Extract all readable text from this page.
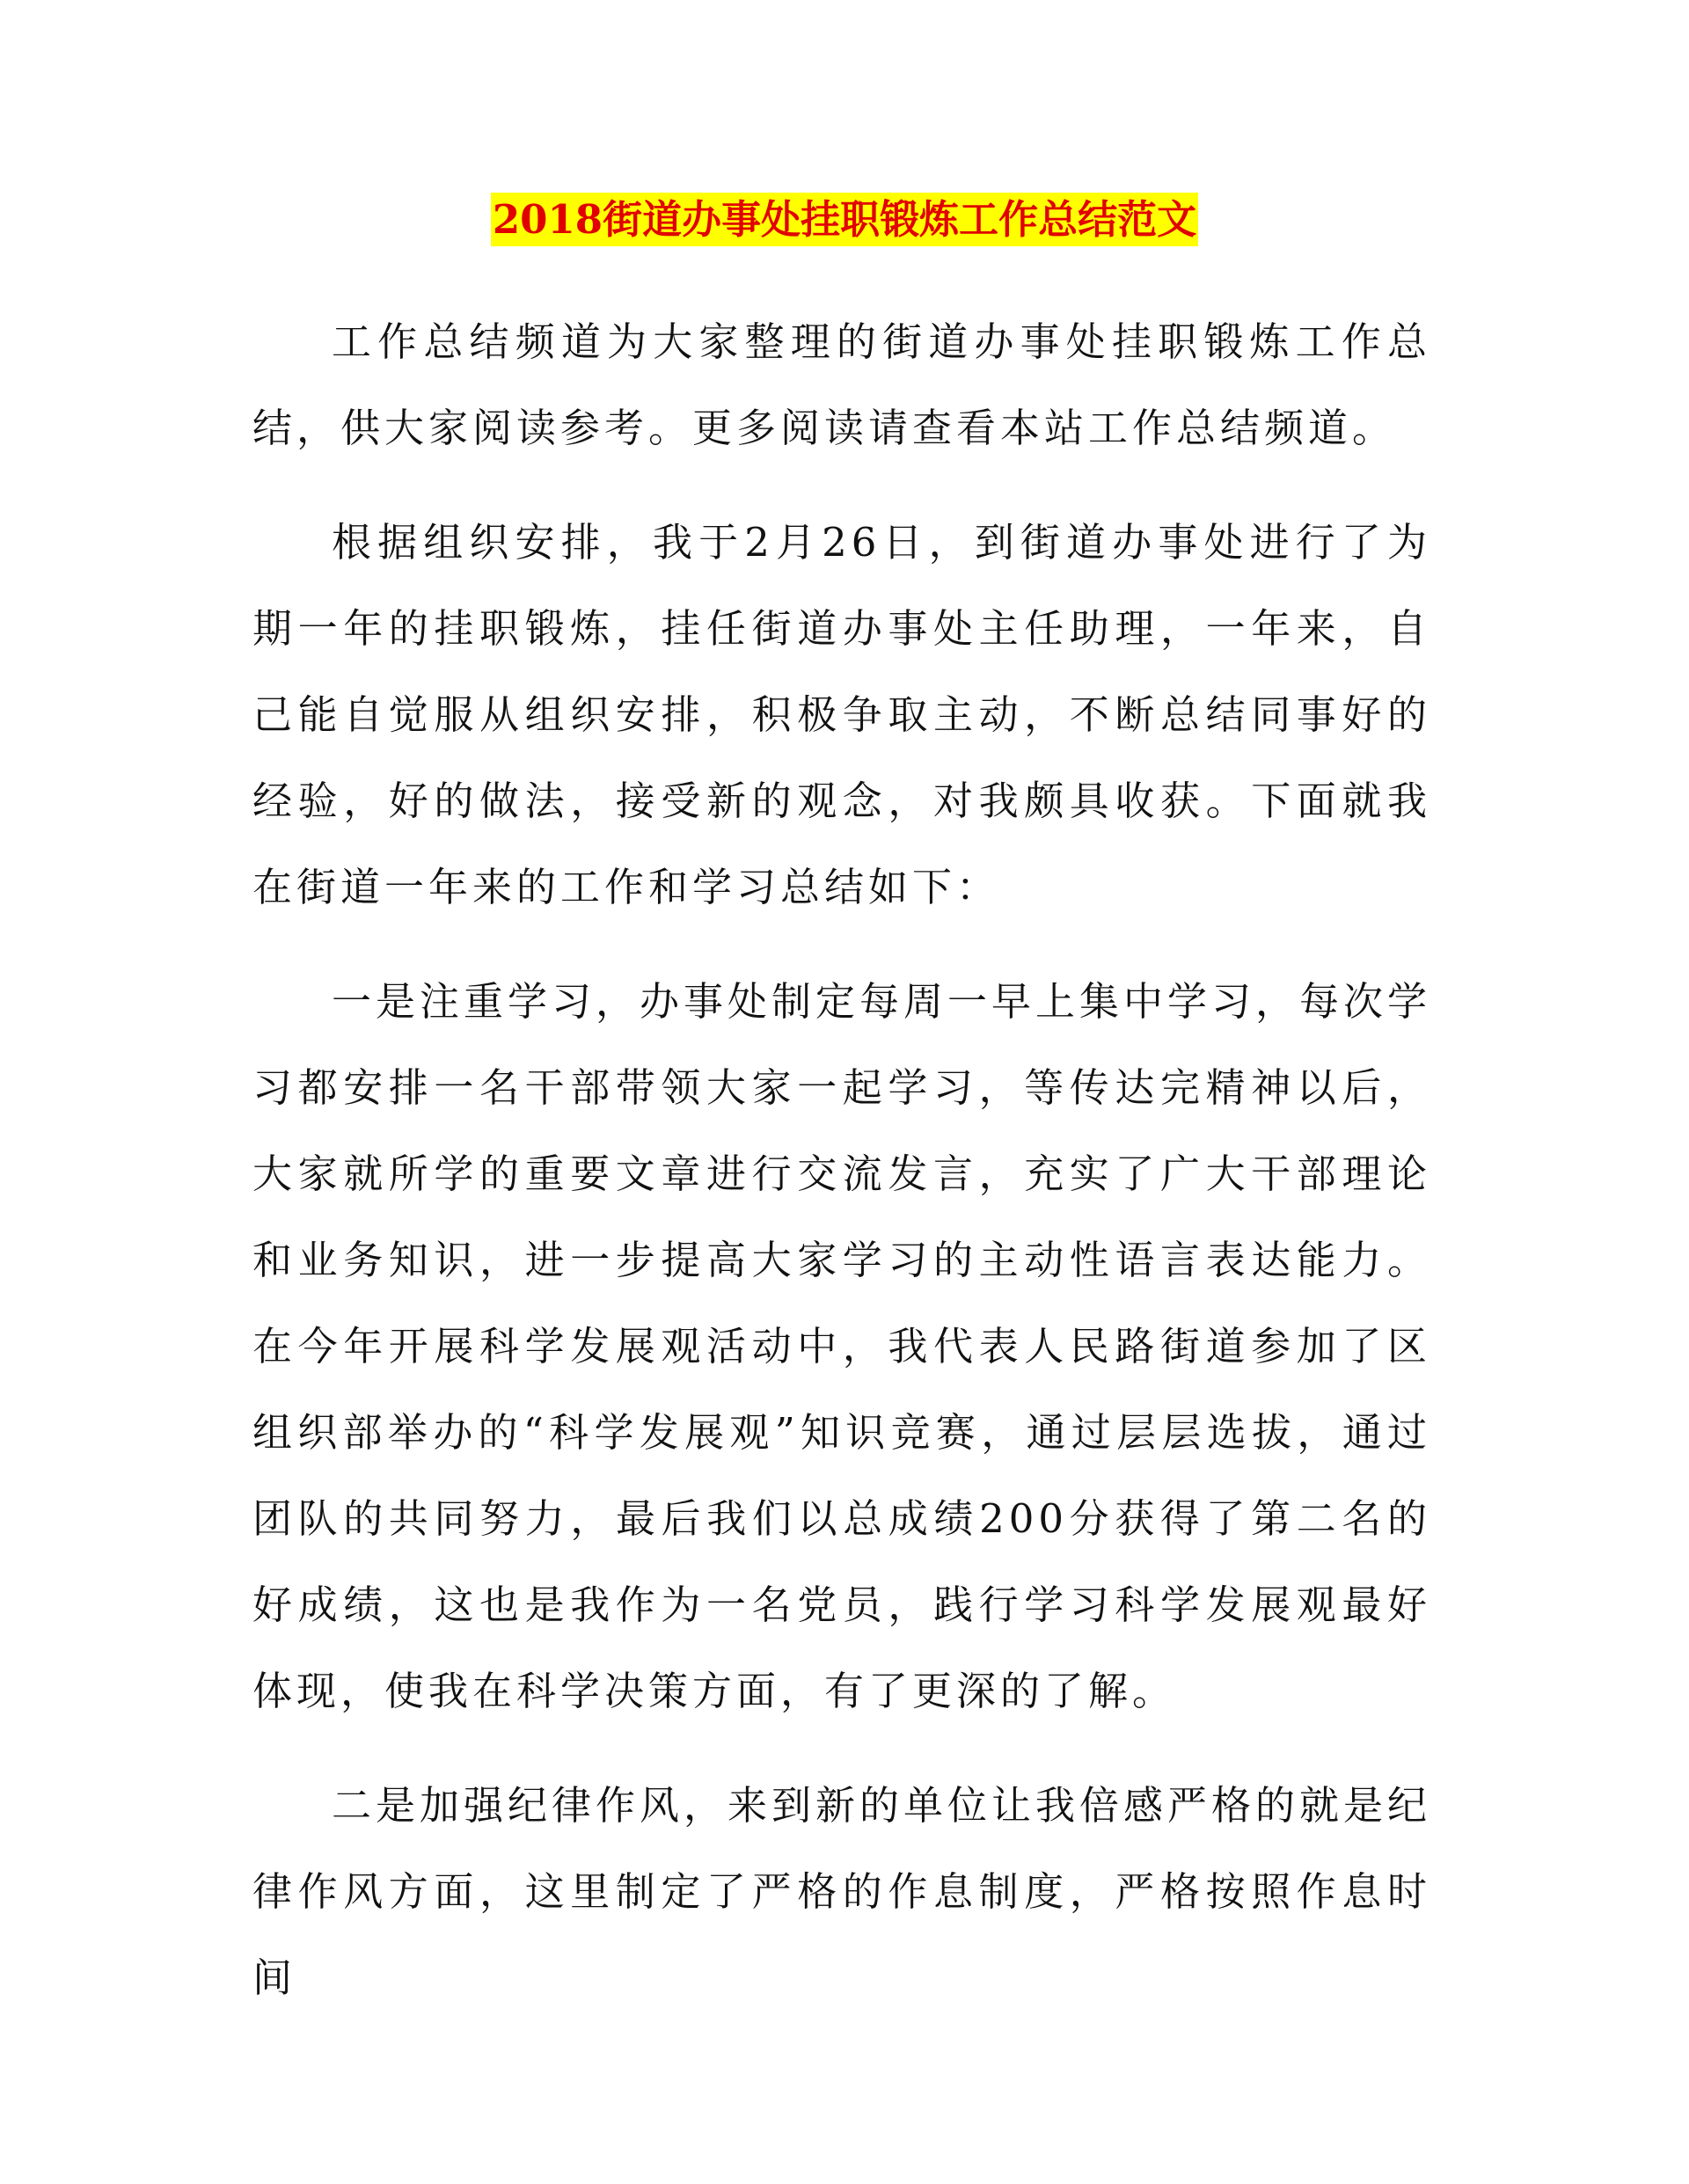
2018街道办事处挂职锻炼工作总结范文

工作总结频道为大家整理的街道办事处挂职锻炼工作总结，供大家阅读参考。更多阅读请查看本站工作总结频道。

根据组织安排，我于2月26日，到街道办事处进行了为期一年的挂职锻炼，挂任街道办事处主任助理，一年来，自己能自觉服从组织安排，积极争取主动，不断总结同事好的经验，好的做法，接受新的观念，对我颇具收获。下面就我在街道一年来的工作和学习总结如下：

一是注重学习，办事处制定每周一早上集中学习，每次学习都安排一名干部带领大家一起学习，等传达完精神以后，大家就所学的重要文章进行交流发言，充实了广大干部理论和业务知识，进一步提高大家学习的主动性语言表达能力。在今年开展科学发展观活动中，我代表人民路街道参加了区组织部举办的“科学发展观”知识竞赛，通过层层选拔，通过团队的共同努力，最后我们以总成绩200分获得了第二名的好成绩，这也是我作为一名党员，践行学习科学发展观最好体现，使我在科学决策方面，有了更深的了解。

二是加强纪律作风，来到新的单位让我倍感严格的就是纪律作风方面，这里制定了严格的作息制度，严格按照作息时间
